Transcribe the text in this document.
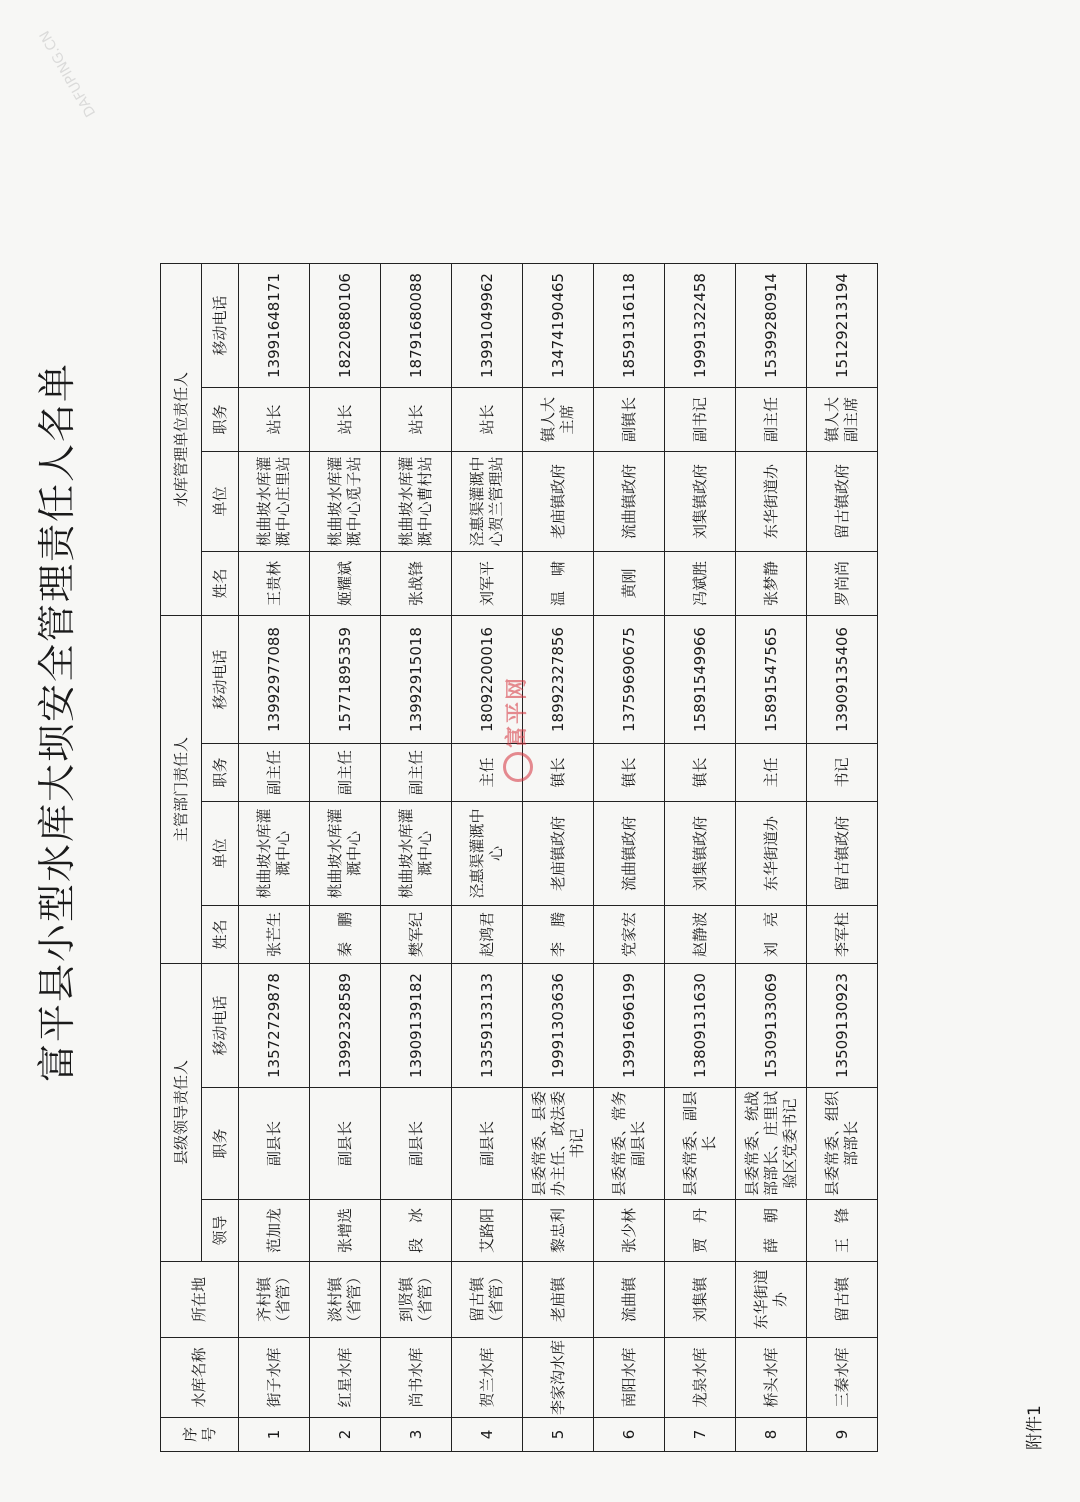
富平县小型水库大坝安全管理责任人名单
附件1
序号	水库名称	所在地	县级领导责任人			主管部门责任人				水库管理单位责任人			
			领导	职务	移动电话	姓名	单位	职务	移动电话	姓名	单位	职务	移动电话
1	街子水库	齐村镇（省管）	范加龙	副县长	13572729878	张芒生	桃曲坡水库灌溉中心	副主任	13992977088	王贵林	桃曲坡水库灌溉中心庄里站	站长	13991648171
2	红星水库	淡村镇（省管）	张增选	副县长	13992328589	秦　鹏	桃曲坡水库灌溉中心	副主任	15771895359	姬耀斌	桃曲坡水库灌溉中心觅子站	站长	18220880106
3	尚书水库	到贤镇（省管）	段　冰	副县长	13909139182	樊军纪	桃曲坡水库灌溉中心	副主任	13992915018	张战锋	桃曲坡水库灌溉中心曹村站	站长	18791680088
4	贺兰水库	留古镇（省管）	艾路阳	副县长	13359133133	赵鸿君	泾惠渠灌溉中心	主任	18092200016	刘军平	泾惠渠灌溉中心贺兰管理站	站长	13991049962
5	李家沟水库	老庙镇	黎忠利	县委常委、县委办主任、政法委书记	19991303636	李　腾	老庙镇政府	镇长	18992327856	温　啸	老庙镇政府	镇人大主席	13474190465
6	南阳水库	流曲镇	张少林	县委常委、常务副县长	13991696199	党家宏	流曲镇政府	镇长	13759690675	黄刚	流曲镇政府	副镇长	18591316118
7	龙泉水库	刘集镇	贾　丹	县委常委、副县长	13809131630	赵静波	刘集镇政府	镇长	15891549966	冯斌胜	刘集镇政府	副书记	19991322458
8	桥头水库	东华街道办	薛　朝	县委常委、统战部部长、庄里试验区党委书记	15309133069	刘　亮	东华街道办	主任	15891547565	张梦静	东华街道办	副主任	15399280914
9	三秦水库	留古镇	王　锋	县委常委、组织部部长	13509130923	李军柱	留古镇政府	书记	13909135406	罗尚尚	留古镇政府	镇人大副主席	15129213194
富平网
DAFUPING.CN
